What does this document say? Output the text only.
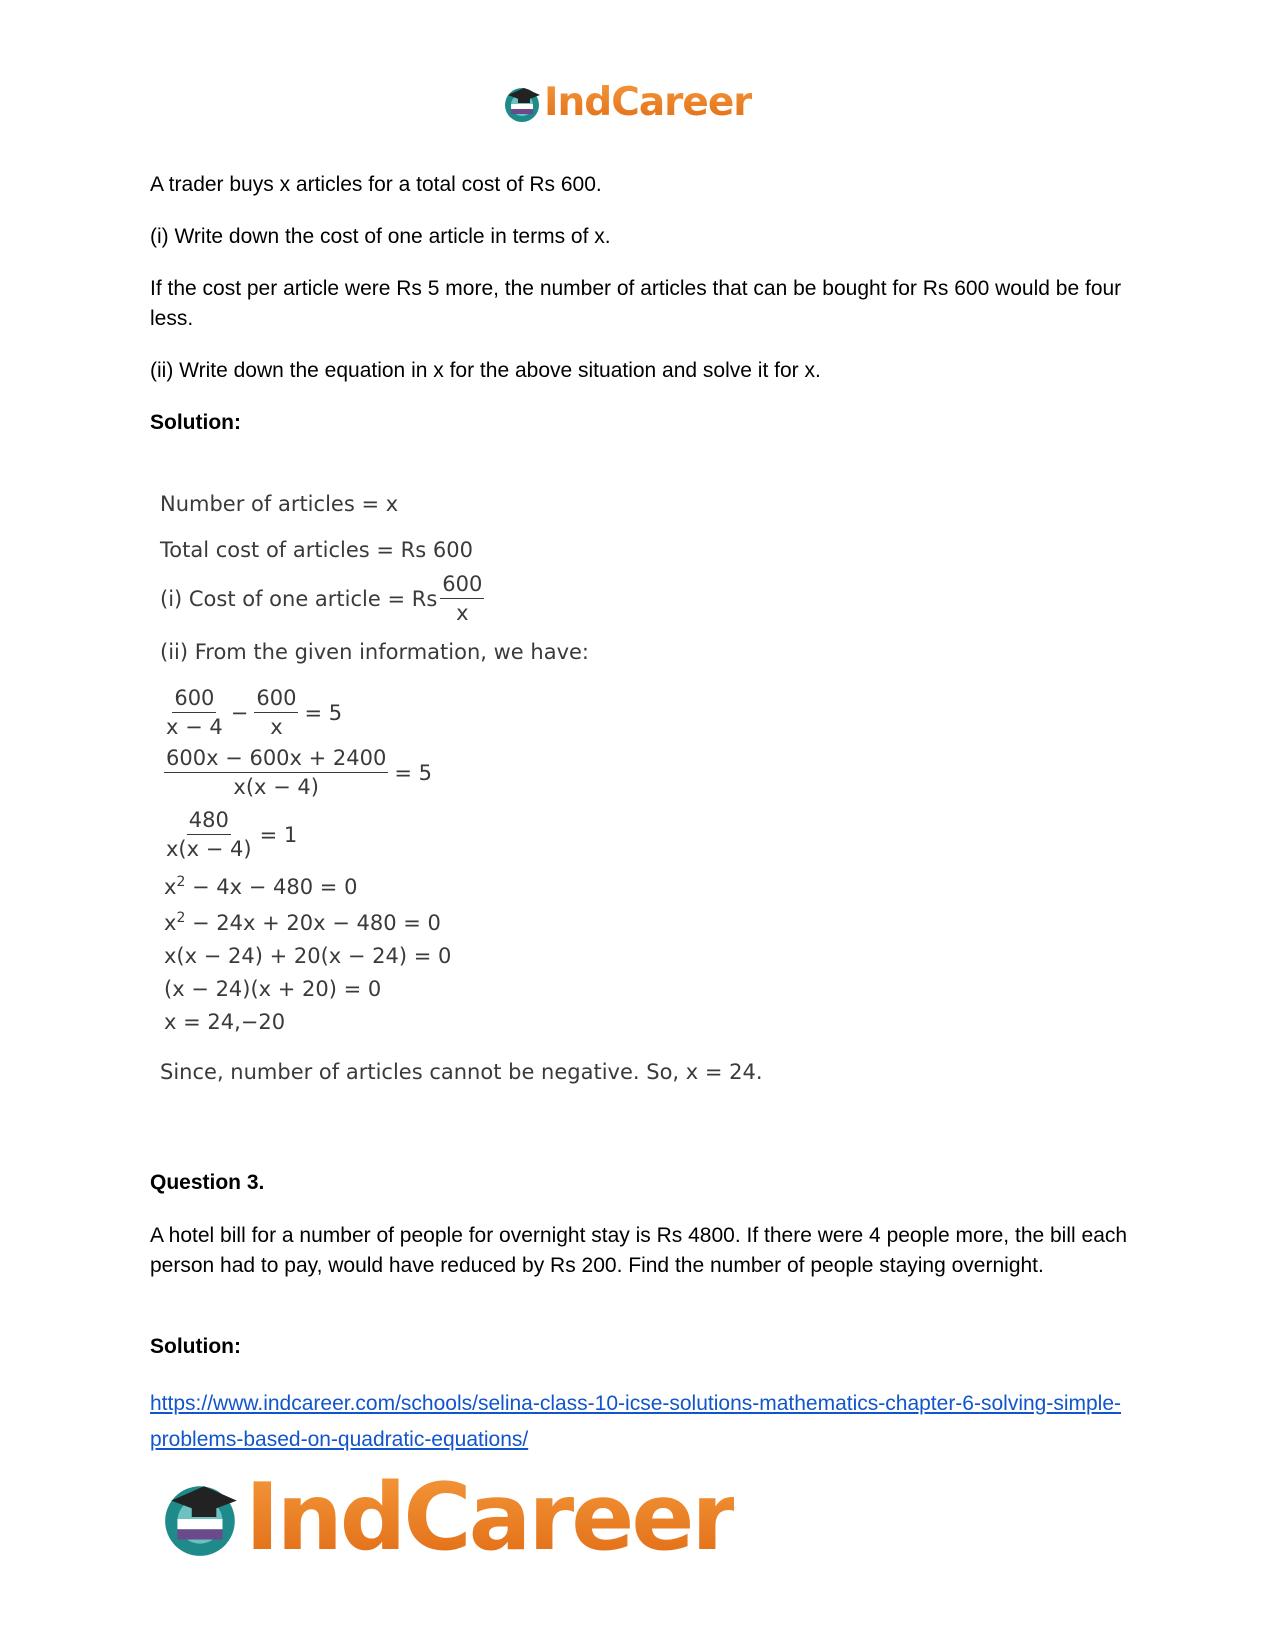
IndCareer
A trader buys x articles for a total cost of Rs 600.
(i) Write down the cost of one article in terms of x.
If the cost per article were Rs 5 more, the number of articles that can be bought for Rs 600 would be four less.
(ii) Write down the equation in x for the above situation and solve it for x.
Solution:
Number of articles = x
Total cost of articles = Rs 600
(i) Cost of one article = Rs $\frac{600}{x}$
(ii) From the given information, we have:
$\frac{600}{x - 4} - \frac{600}{x} = 5$
$\frac{600x - 600x + 2400}{x(x - 4)} = 5$
$\frac{480}{x(x - 4)} = 1$
$x^2 - 4x - 480 = 0$
$x^2 - 24x + 20x - 480 = 0$
x(x − 24) + 20(x − 24) = 0
(x − 24)(x + 20) = 0
x = 24,−20
Since, number of articles cannot be negative. So, x = 24.
Question 3.
A hotel bill for a number of people for overnight stay is Rs 4800. If there were 4 people more, the bill each person had to pay, would have reduced by Rs 200. Find the number of people staying overnight.
Solution:
https://www.indcareer.com/schools/selina-class-10-icse-solutions-mathematics-chapter-6-solving-simple-problems-based-on-quadratic-equations/
IndCareer
